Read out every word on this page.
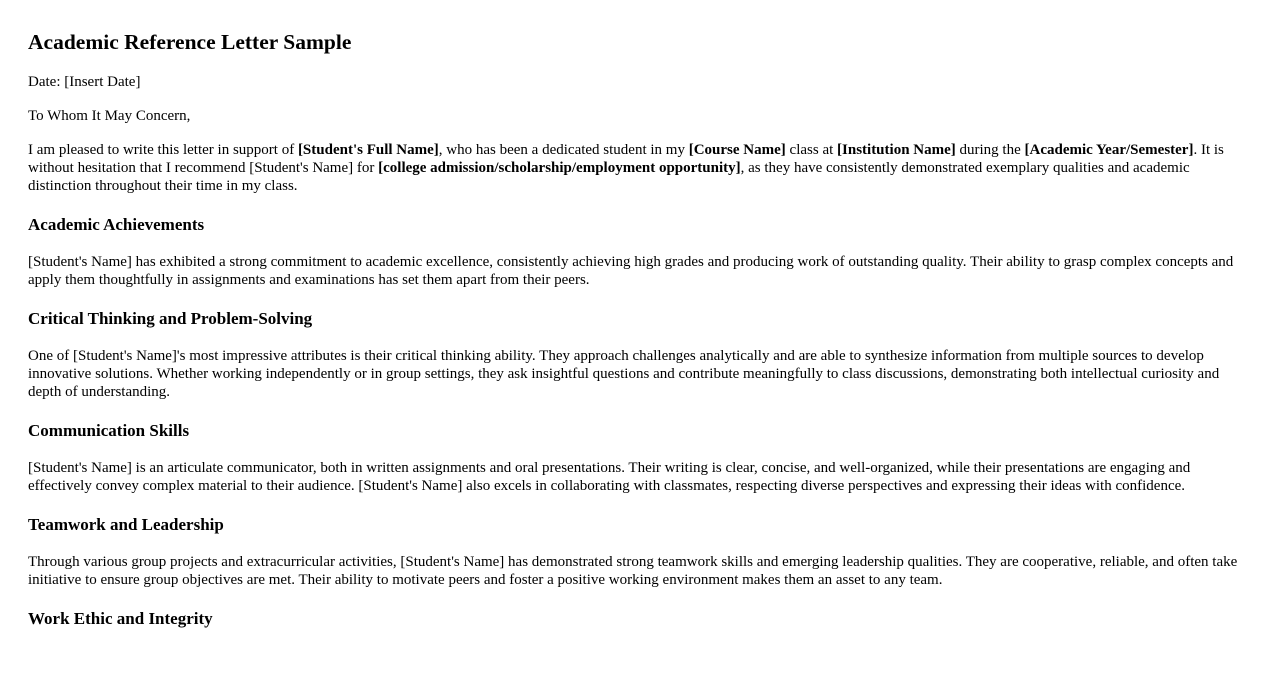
Academic Reference Letter Sample

Date: [Insert Date]

To Whom It May Concern,

I am pleased to write this letter in support of [Student's Full Name], who has been a dedicated student in my [Course Name] class at [Institution Name] during the [Academic Year/Semester]. It is without hesitation that I recommend [Student's Name] for [college admission/scholarship/employment opportunity], as they have consistently demonstrated exemplary qualities and academic distinction throughout their time in my class.

Academic Achievements

[Student's Name] has exhibited a strong commitment to academic excellence, consistently achieving high grades and producing work of outstanding quality. Their ability to grasp complex concepts and apply them thoughtfully in assignments and examinations has set them apart from their peers.

Critical Thinking and Problem-Solving

One of [Student's Name]'s most impressive attributes is their critical thinking ability. They approach challenges analytically and are able to synthesize information from multiple sources to develop innovative solutions. Whether working independently or in group settings, they ask insightful questions and contribute meaningfully to class discussions, demonstrating both intellectual curiosity and depth of understanding.

Communication Skills

[Student's Name] is an articulate communicator, both in written assignments and oral presentations. Their writing is clear, concise, and well-organized, while their presentations are engaging and effectively convey complex material to their audience. [Student's Name] also excels in collaborating with classmates, respecting diverse perspectives and expressing their ideas with confidence.

Teamwork and Leadership

Through various group projects and extracurricular activities, [Student's Name] has demonstrated strong teamwork skills and emerging leadership qualities. They are cooperative, reliable, and often take initiative to ensure group objectives are met. Their ability to motivate peers and foster a positive working environment makes them an asset to any team.

Work Ethic and Integrity
